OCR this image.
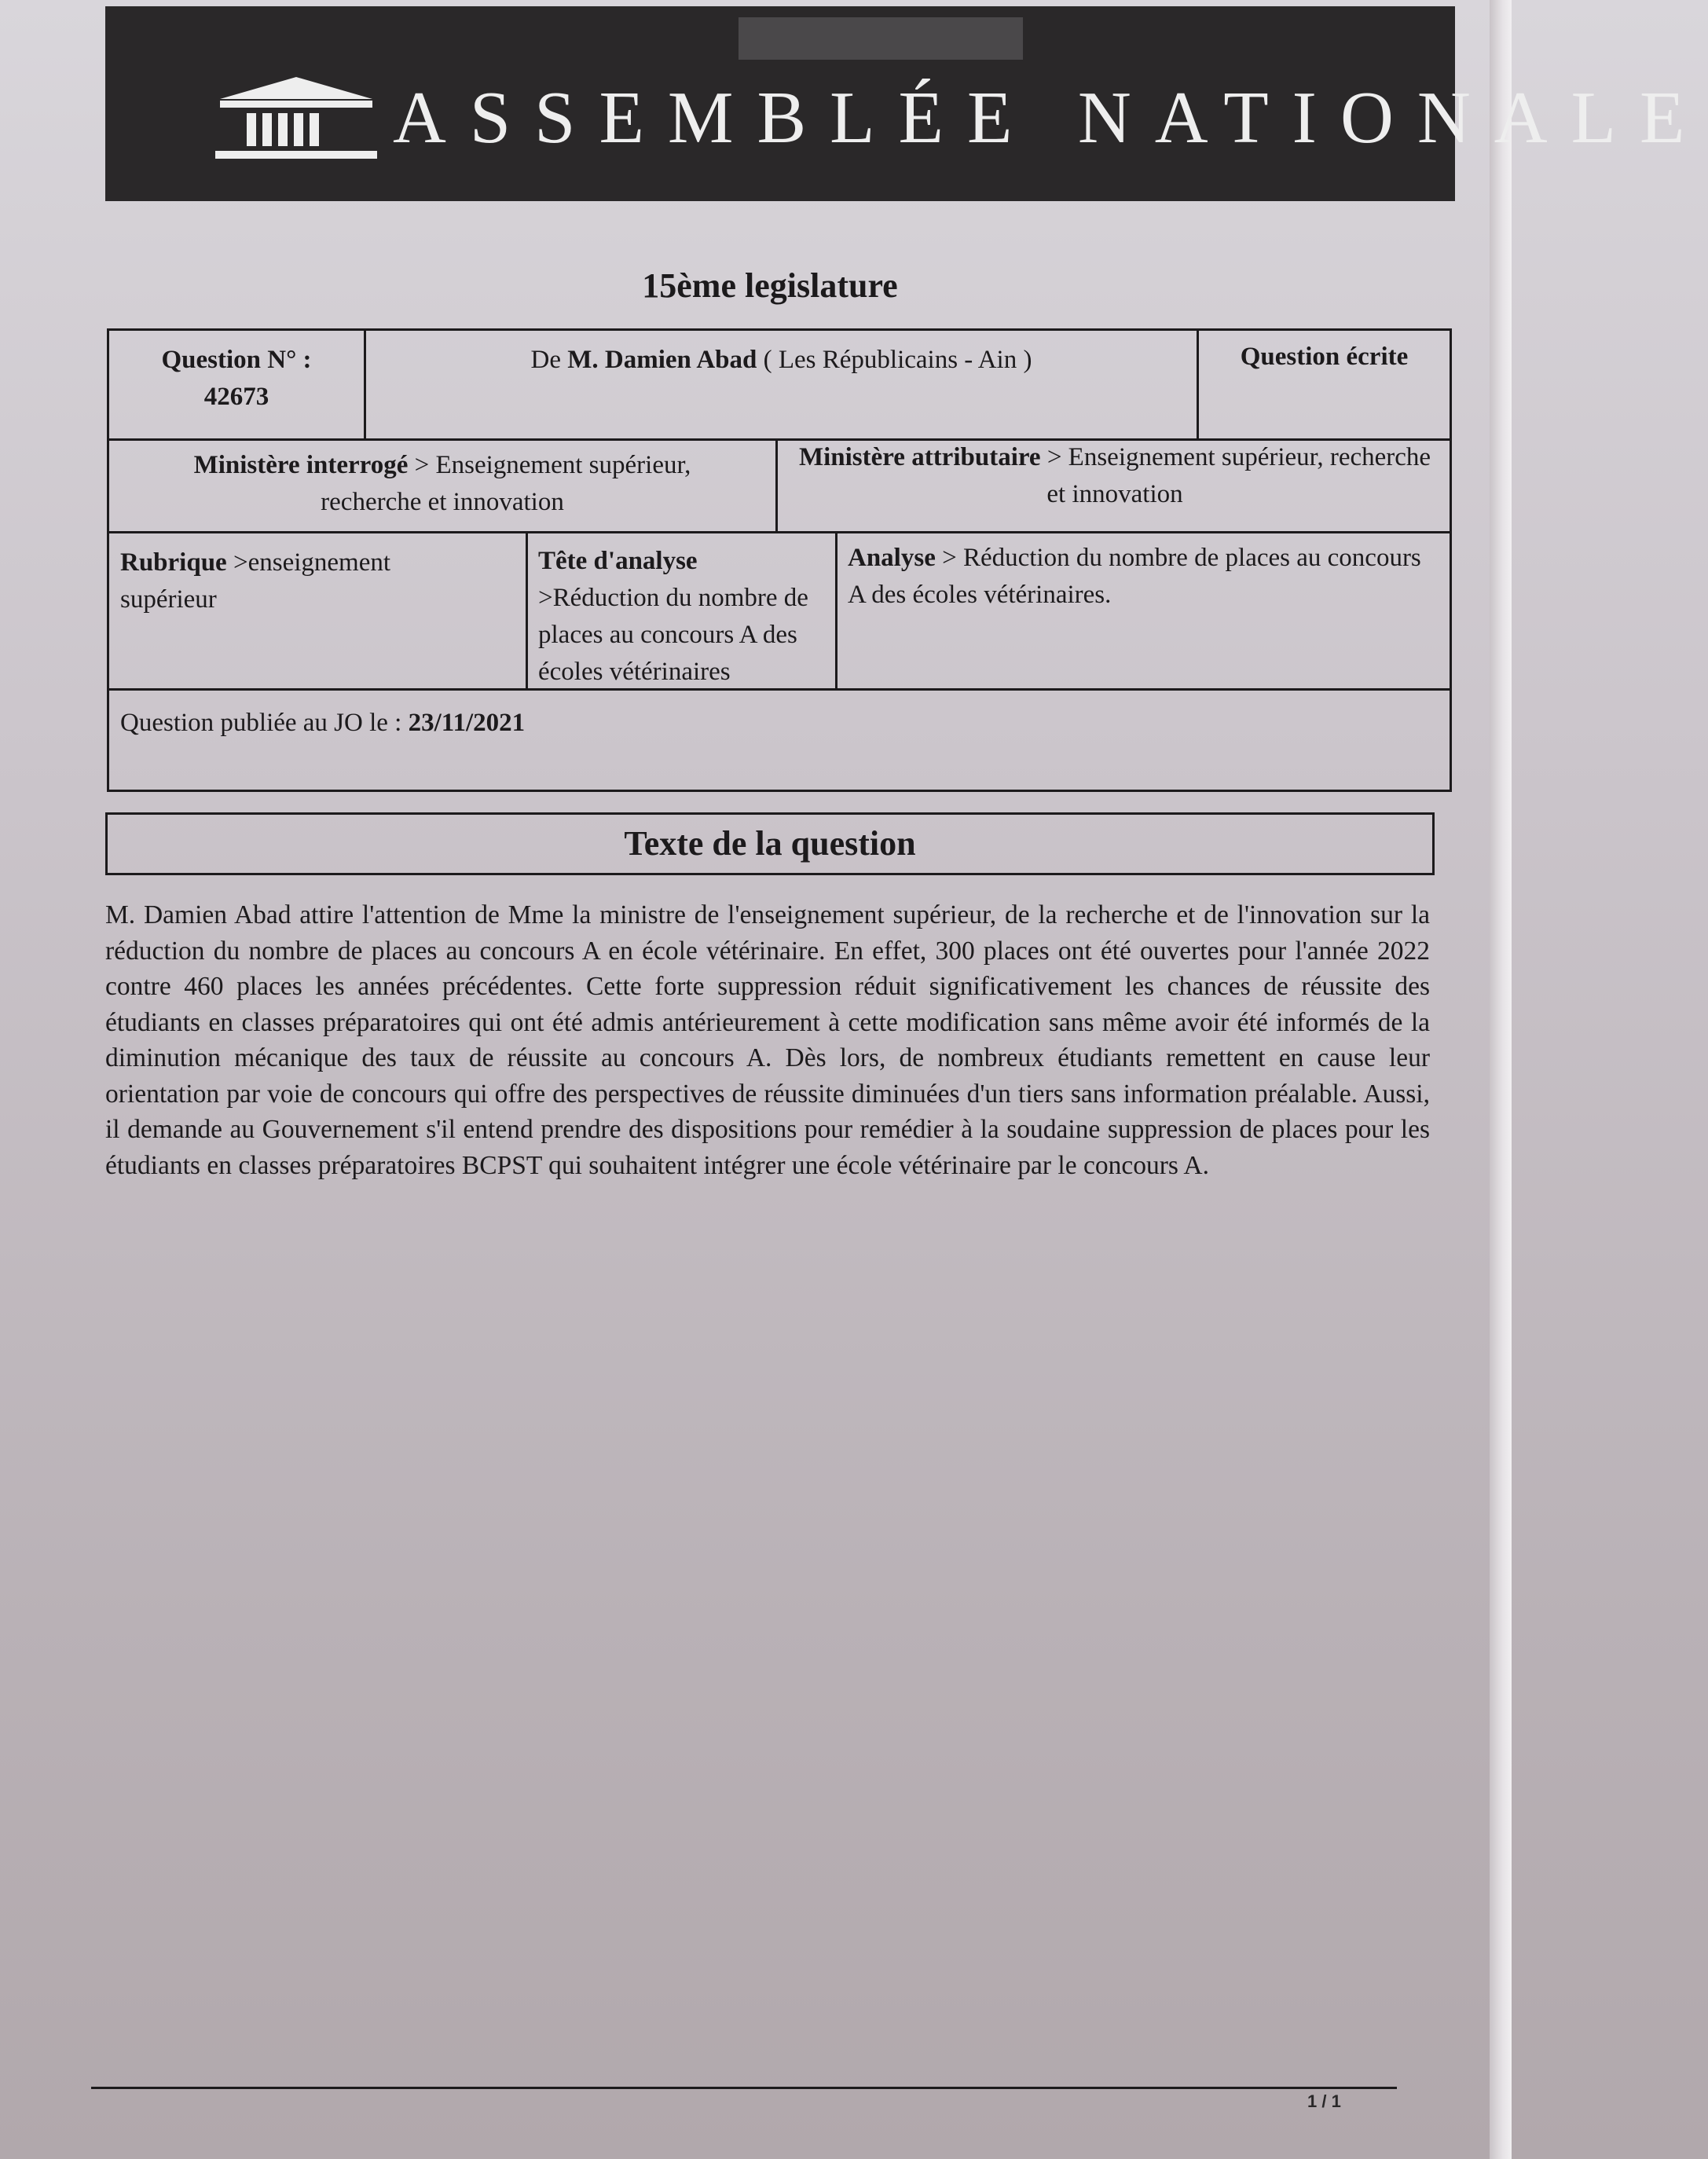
ASSEMBLÉE NATIONALE
15ème legislature
Question N° :
42673
De M. Damien Abad ( Les Républicains - Ain )	Question écrite
Ministère interrogé > Enseignement supérieur, recherche et innovation
Ministère attributaire > Enseignement supérieur, recherche et innovation
Rubrique >enseignement supérieur
Tête d'analyse
>Réduction du nombre de places au concours A des écoles vétérinaires
Analyse > Réduction du nombre de places au concours A des écoles vétérinaires.
Question publiée au JO le : 23/11/2021
Texte de la question
M. Damien Abad attire l'attention de Mme la ministre de l'enseignement supérieur, de la recherche et de l'innovation sur la réduction du nombre de places au concours A en école vétérinaire. En effet, 300 places ont été ouvertes pour l'année 2022 contre 460 places les années précédentes. Cette forte suppression réduit significativement les chances de réussite des étudiants en classes préparatoires qui ont été admis antérieurement à cette modification sans même avoir été informés de la diminution mécanique des taux de réussite au concours A. Dès lors, de nombreux étudiants remettent en cause leur orientation par voie de concours qui offre des perspectives de réussite diminuées d'un tiers sans information préalable. Aussi, il demande au Gouvernement s'il entend prendre des dispositions pour remédier à la soudaine suppression de places pour les étudiants en classes préparatoires BCPST qui souhaitent intégrer une école vétérinaire par le concours A.
1 / 1
